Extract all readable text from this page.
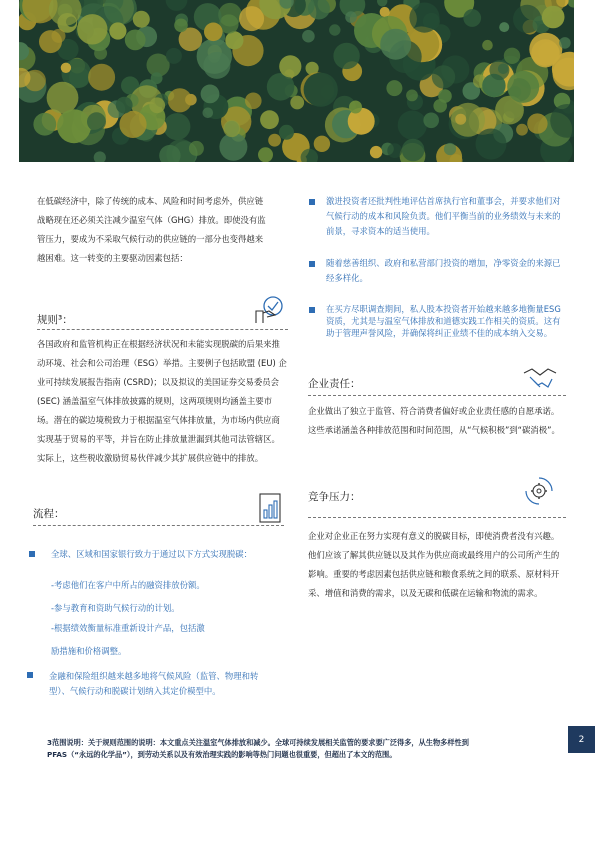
在低碳经济中，除了传统的成本、风险和时间考虑外，供应链战略现在还必须关注减少温室气体（GHG）排放。即使没有监管压力，要成为不采取气候行动的供应链的一部分也变得越来越困难。这一转变的主要驱动因素包括：
规则³：
各国政府和监管机构正在根据经济状况和未能实现脱碳的后果来推动环境、社会和公司治理（ESG）举措。主要例子包括欧盟 (EU) 企业可持续发展报告指南 (CSRD)；以及拟议的美国证券交易委员会 (SEC) 涵盖温室气体排放披露的规则，这两项规则均涵盖主要市场。潜在的碳边境税致力于根据温室气体排放量，为市场内供应商实现基于贸易的平等，并旨在防止排放量泄漏到其他司法管辖区。实际上，这些税收激励贸易伙伴减少其扩展供应链中的排放。
流程：
全球、区域和国家银行致力于通过以下方式实现脱碳：
-考虑他们在客户中所占的融资排放份额。
-参与教育和资助气候行动的计划。
-根据绩效衡量标准重新设计产品，包括激
励措施和价格调整。
金融和保险组织越来越多地将气候风险（监管、物理和转型）、气候行动和脱碳计划纳入其定价模型中。
激进投资者还批判性地评估首席执行官和董事会，并要求他们对气候行动的成本和风险负责。他们平衡当前的业务绩效与未来的前景，寻求资本的适当使用。
随着慈善组织、政府和私营部门投资的增加，净零资金的来源已经多样化。
在买方尽职调查期间，私人股本投资者开始越来越多地衡量ESG资质，尤其是与温室气体排放和道德实践工作相关的资质。这有助于管理声誉风险，并确保将纠正业绩不佳的成本纳入交易。
企业责任：
企业做出了独立于监管、符合消费者偏好或企业责任感的自愿承诺。这些承诺涵盖各种排放范围和时间范围，从“气候积极”到“碳消极”。
竞争压力：
企业对企业正在努力实现有意义的脱碳目标，即使消费者没有兴趣。他们应该了解其供应链以及其作为供应商或最终用户的公司所产生的影响。重要的考虑因素包括供应链和粮食系统之间的联系、原材料开采、增值和消费的需求，以及无碳和低碳在运输和物流的需求。
3范围说明：关于规则范围的说明：本文重点关注温室气体排放和减少。全球可持续发展相关监管的要求要广泛得多，从生物多样性到PFAS（“永远的化学品”），到劳动关系以及有效治理实践的影响等热门问题也很重要，但超出了本文的范围。
2
